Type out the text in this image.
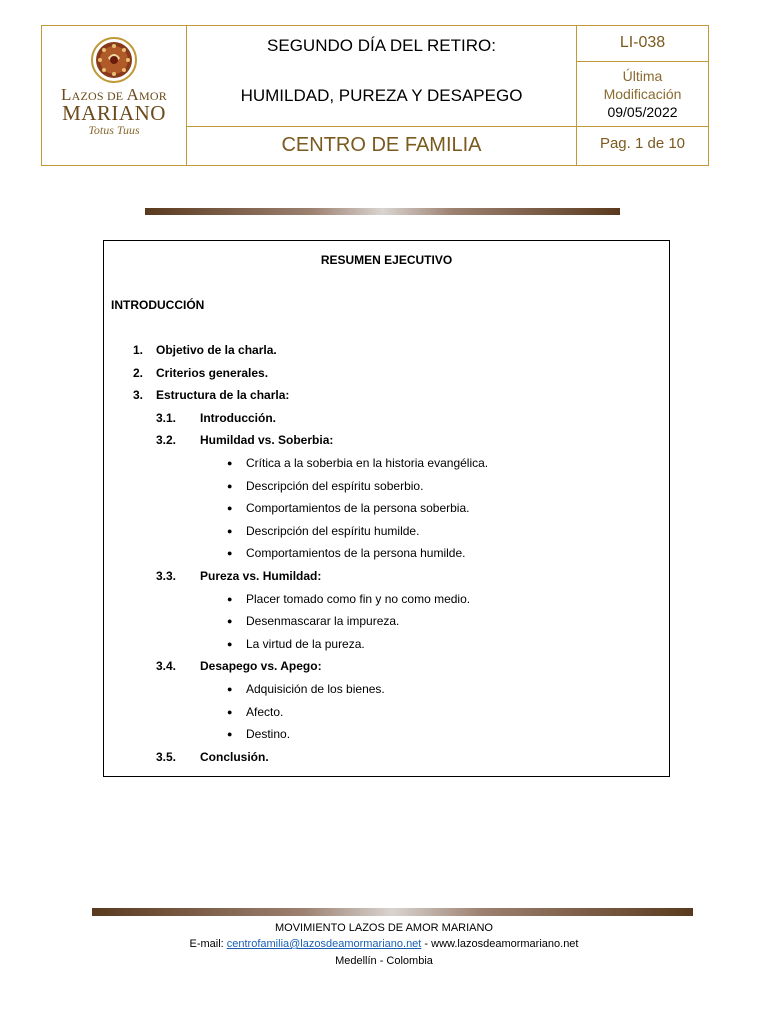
LAZOS DE AMOR
MARIANO
Totus Tuus
SEGUNDO DÍA DEL RETIRO:
HUMILDAD, PUREZA Y DESAPEGO
CENTRO DE FAMILIA
LI-038
Última
Modificación
09/05/2022
Pag. 1 de 10
RESUMEN EJECUTIVO
INTRODUCCIÓN
1. Objetivo de la charla.
2. Criterios generales.
3. Estructura de la charla:
3.1. Introducción.
3.2. Humildad vs. Soberbia:
● Crítica a la soberbia en la historia evangélica.
● Descripción del espíritu soberbio.
● Comportamientos de la persona soberbia.
● Descripción del espíritu humilde.
● Comportamientos de la persona humilde.
3.3. Pureza vs. Humildad:
● Placer tomado como fin y no como medio.
● Desenmascarar la impureza.
● La virtud de la pureza.
3.4. Desapego vs. Apego:
● Adquisición de los bienes.
● Afecto.
● Destino.
3.5. Conclusión.
MOVIMIENTO LAZOS DE AMOR MARIANO
E-mail: centrofamilia@lazosdeamormariano.net - www.lazosdeamormariano.net
Medellín - Colombia
